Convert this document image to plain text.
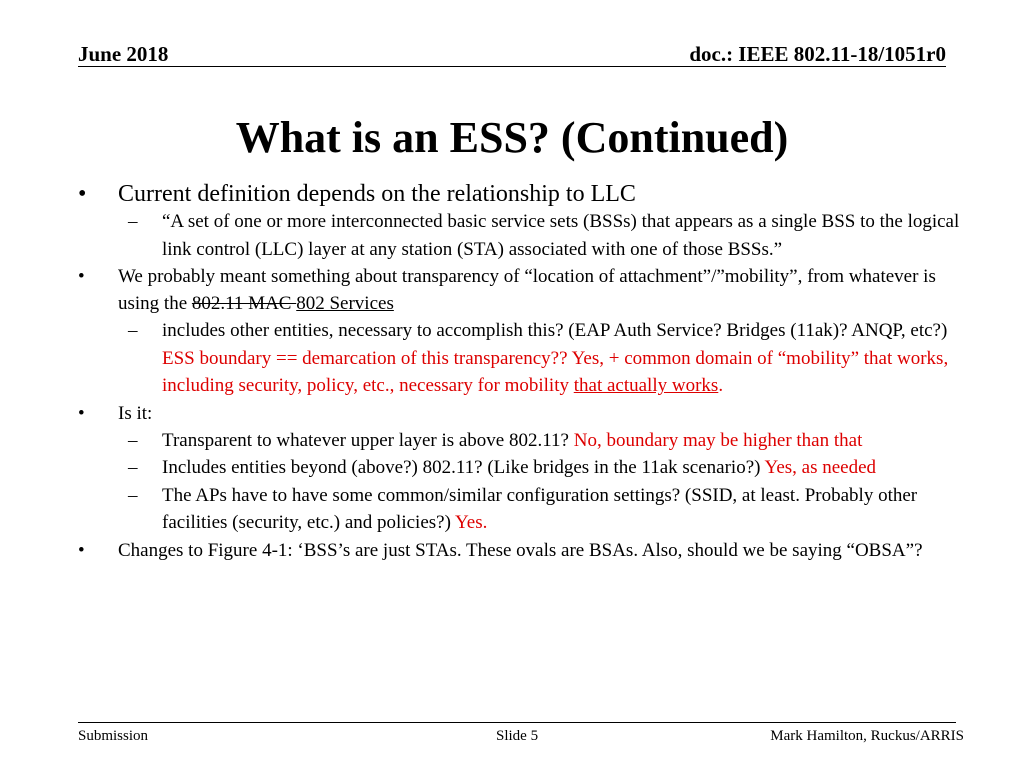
June 2018	doc.: IEEE 802.11-18/1051r0
What is an ESS? (Continued)

• Current definition depends on the relationship to LLC

– “A set of one or more interconnected basic service sets (BSSs) that appears as a single BSS to the logical link control (LLC) layer at any station (STA) associated with one of those BSSs.”

• We probably meant something about transparency of “location of attachment”/”mobility”, from whatever is using the 802.11 MAC 802 Services

– includes other entities, necessary to accomplish this? (EAP Auth Service? Bridges (11ak)? ANQP, etc?)
ESS boundary == demarcation of this transparency?? Yes, + common domain of “mobility” that works, including security, policy, etc., necessary for mobility that actually works.

• Is it:

– Transparent to whatever upper layer is above 802.11? No, boundary may be higher than that

– Includes entities beyond (above?) 802.11? (Like bridges in the 11ak scenario?) Yes, as needed

– The APs have to have some common/similar configuration settings? (SSID, at least. Probably other facilities (security, etc.) and policies?) Yes.

• Changes to Figure 4-1: ‘BSS’s are just STAs. These ovals are BSAs. Also, should we be saying “OBSA”?

Submission	Slide 5	Mark Hamilton, Ruckus/ARRIS
